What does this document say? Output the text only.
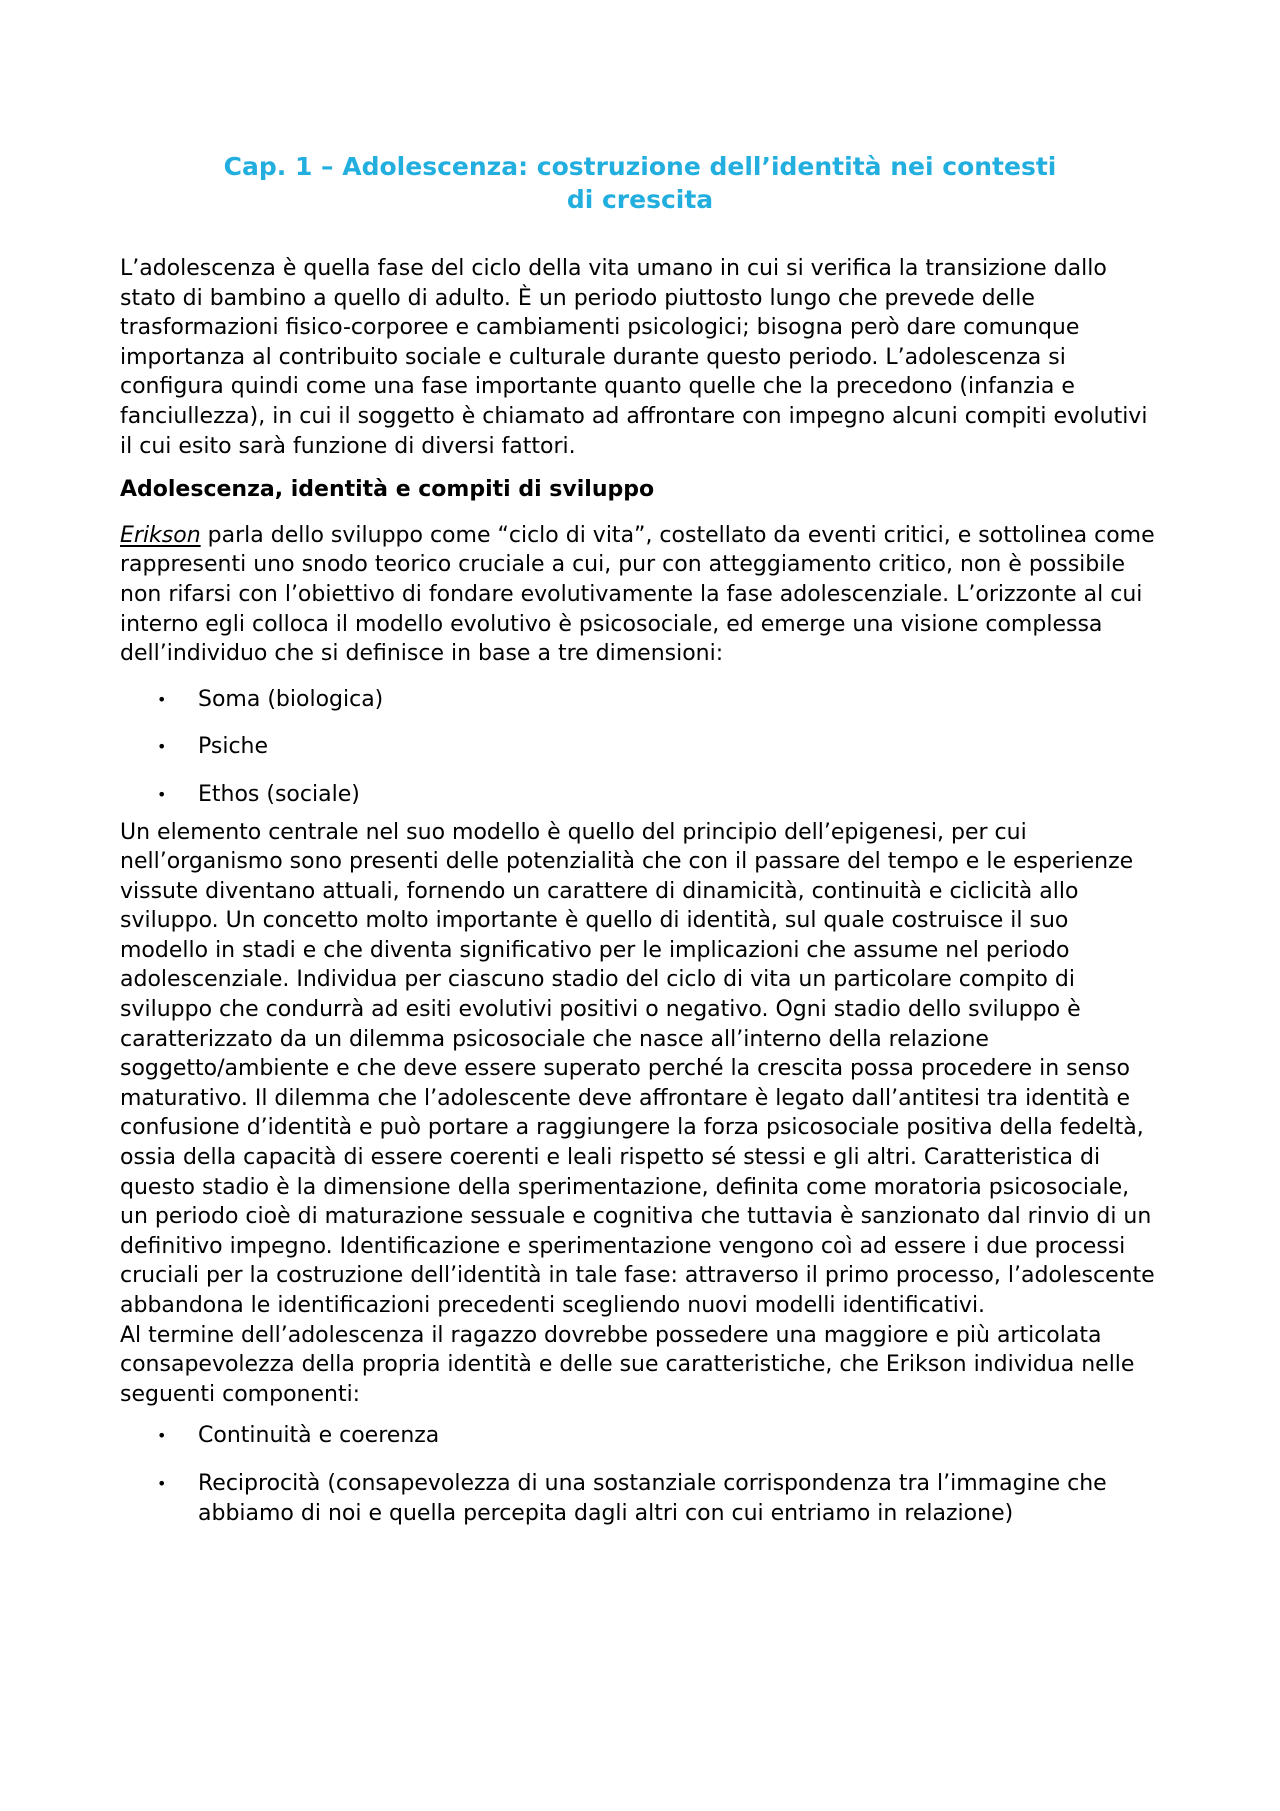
Cap. 1 – Adolescenza: costruzione dell’identità nei contesti
di crescita

L’adolescenza è quella fase del ciclo della vita umano in cui si verifica la transizione dallo stato di bambino a quello di adulto. È un periodo piuttosto lungo che prevede delle trasformazioni fisico-corporee e cambiamenti psicologici; bisogna però dare comunque importanza al contribuito sociale e culturale durante questo periodo. L’adolescenza si configura quindi come una fase importante quanto quelle che la precedono (infanzia e fanciullezza), in cui il soggetto è chiamato ad affrontare con impegno alcuni compiti evolutivi il cui esito sarà funzione di diversi fattori.

Adolescenza, identità e compiti di sviluppo

Erikson parla dello sviluppo come “ciclo di vita”, costellato da eventi critici, e sottolinea come rappresenti uno snodo teorico cruciale a cui, pur con atteggiamento critico, non è possibile non rifarsi con l’obiettivo di fondare evolutivamente la fase adolescenziale. L’orizzonte al cui interno egli colloca il modello evolutivo è psicosociale, ed emerge una visione complessa dell’individuo che si definisce in base a tre dimensioni:

• Soma (biologica)
• Psiche
• Ethos (sociale)

Un elemento centrale nel suo modello è quello del principio dell’epigenesi, per cui nell’organismo sono presenti delle potenzialità che con il passare del tempo e le esperienze vissute diventano attuali, fornendo un carattere di dinamicità, continuità e ciclicità allo sviluppo. Un concetto molto importante è quello di identità, sul quale costruisce il suo modello in stadi e che diventa significativo per le implicazioni che assume nel periodo adolescenziale. Individua per ciascuno stadio del ciclo di vita un particolare compito di sviluppo che condurrà ad esiti evolutivi positivi o negativo. Ogni stadio dello sviluppo è caratterizzato da un dilemma psicosociale che nasce all’interno della relazione soggetto/ambiente e che deve essere superato perché la crescita possa procedere in senso maturativo. Il dilemma che l’adolescente deve affrontare è legato dall’antitesi tra identità e confusione d’identità e può portare a raggiungere la forza psicosociale positiva della fedeltà, ossia della capacità di essere coerenti e leali rispetto sé stessi e gli altri. Caratteristica di questo stadio è la dimensione della sperimentazione, definita come moratoria psicosociale, un periodo cioè di maturazione sessuale e cognitiva che tuttavia è sanzionato dal rinvio di un definitivo impegno. Identificazione e sperimentazione vengono coì ad essere i due processi cruciali per la costruzione dell’identità in tale fase: attraverso il primo processo, l’adolescente abbandona le identificazioni precedenti scegliendo nuovi modelli identificativi.

Al termine dell’adolescenza il ragazzo dovrebbe possedere una maggiore e più articolata consapevolezza della propria identità e delle sue caratteristiche, che Erikson individua nelle seguenti componenti:

• Continuità e coerenza
• Reciprocità (consapevolezza di una sostanziale corrispondenza tra l’immagine che abbiamo di noi e quella percepita dagli altri con cui entriamo in relazione)
